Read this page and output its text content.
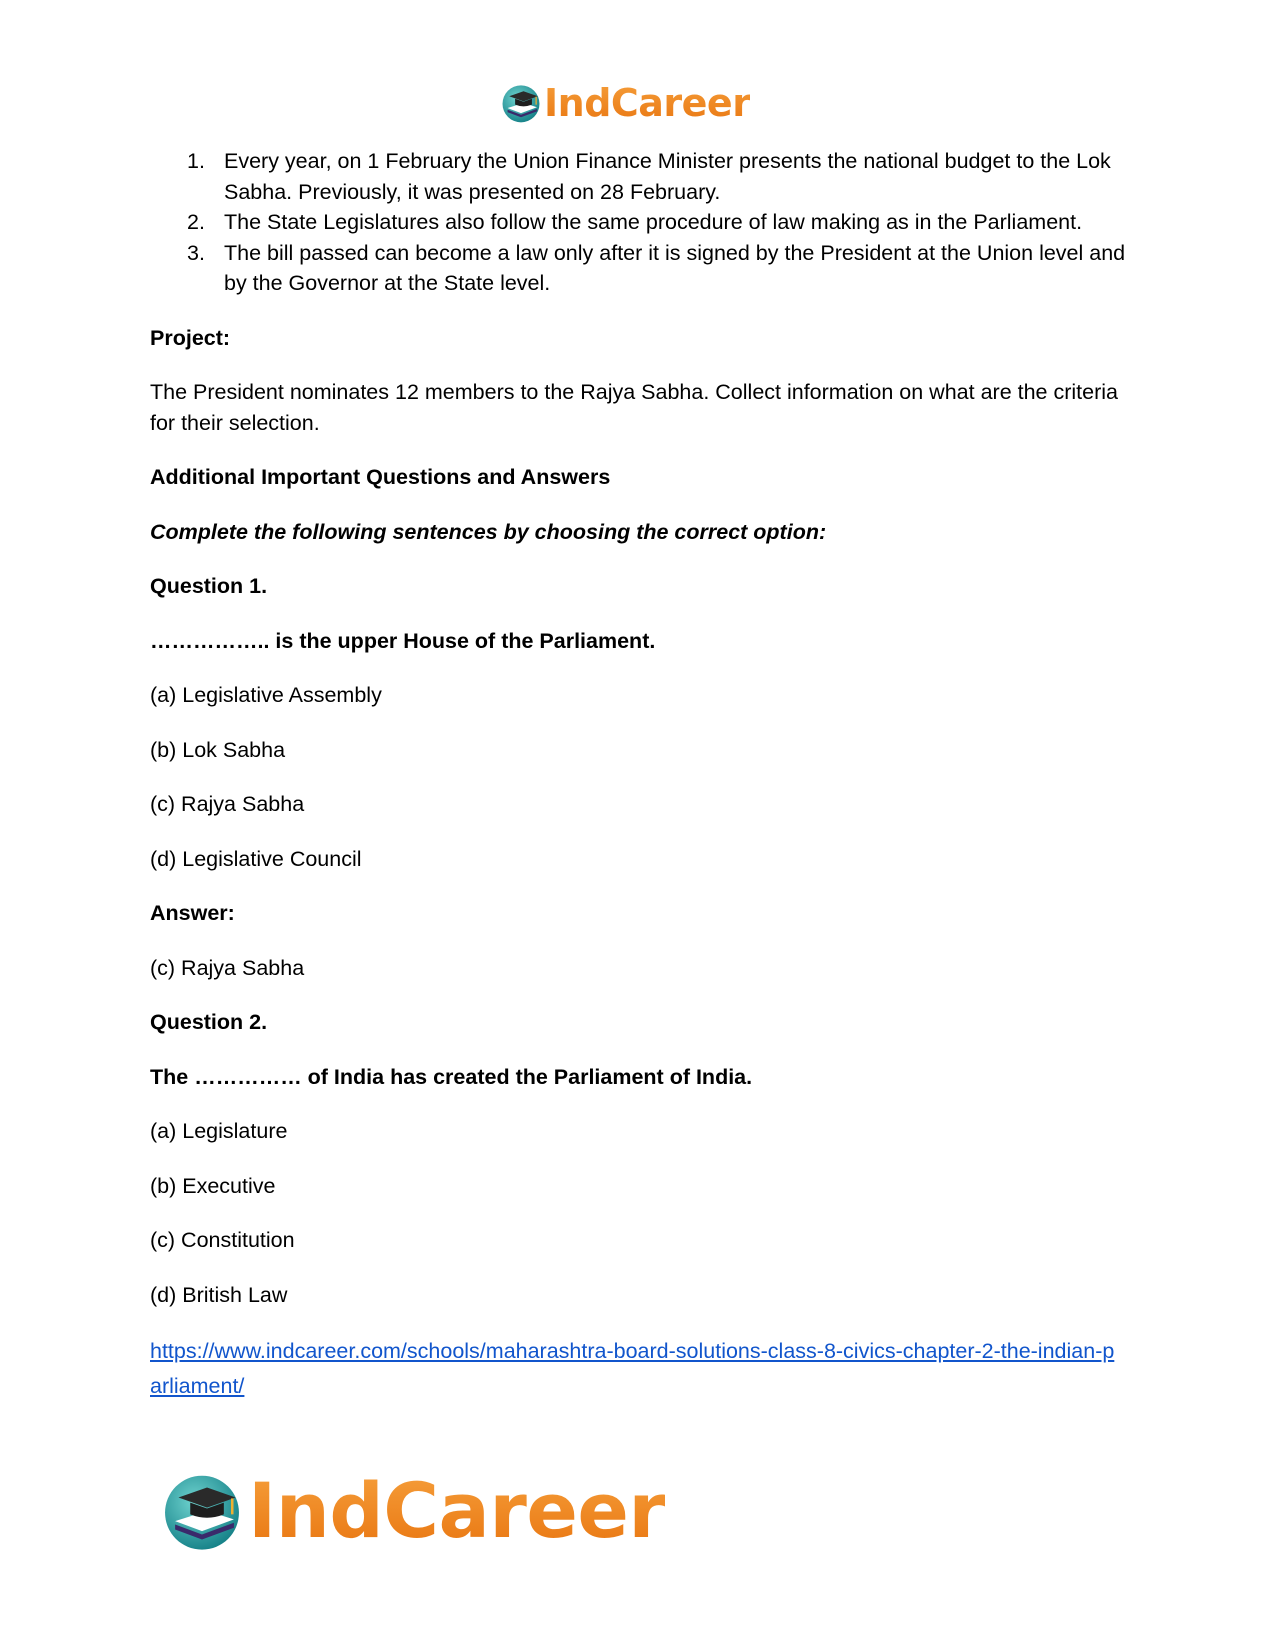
IndCareer
1. Every year, on 1 February the Union Finance Minister presents the national budget to the Lok Sabha. Previously, it was presented on 28 February.
2. The State Legislatures also follow the same procedure of law making as in the Parliament.
3. The bill passed can become a law only after it is signed by the President at the Union level and by the Governor at the State level.

Project:

The President nominates 12 members to the Rajya Sabha. Collect information on what are the criteria for their selection.

Additional Important Questions and Answers

Complete the following sentences by choosing the correct option:

Question 1.

…………….. is the upper House of the Parliament.

(a) Legislative Assembly

(b) Lok Sabha

(c) Rajya Sabha

(d) Legislative Council

Answer:

(c) Rajya Sabha

Question 2.

The …………… of India has created the Parliament of India.

(a) Legislature

(b) Executive

(c) Constitution

(d) British Law

https://www.indcareer.com/schools/maharashtra-board-solutions-class-8-civics-chapter-2-the-indian-parliament/
IndCareer
